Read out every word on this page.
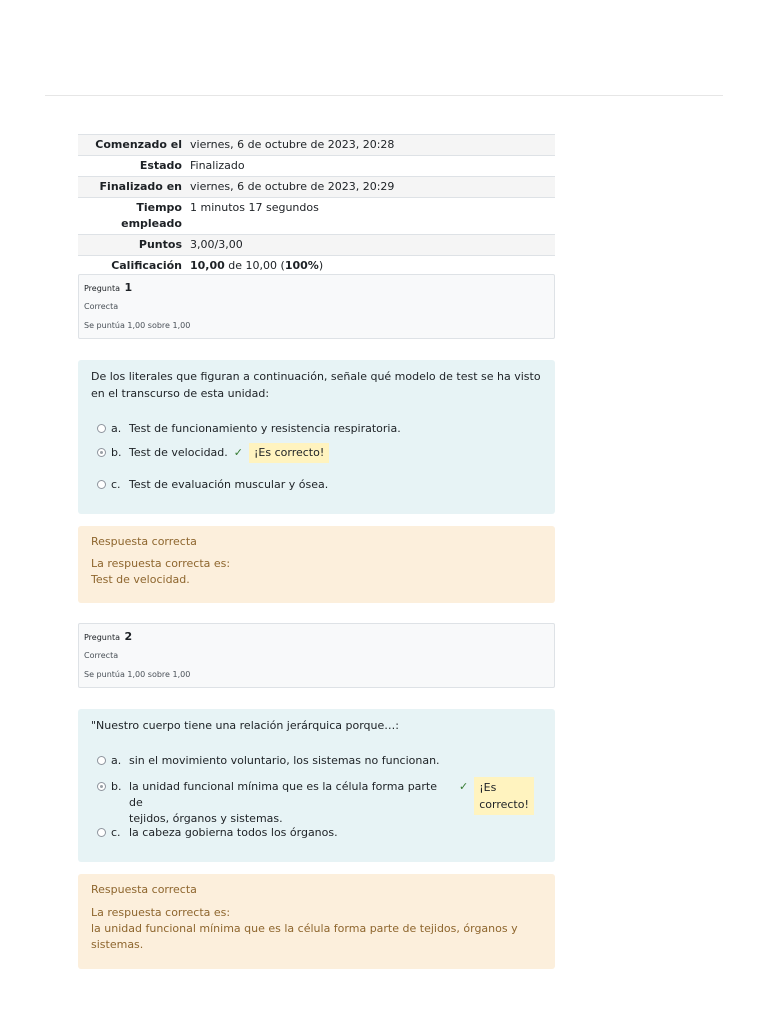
Comenzado el	viernes, 6 de octubre de 2023, 20:28
Estado	Finalizado
Finalizado en	viernes, 6 de octubre de 2023, 20:29
Tiempo empleado	1 minutos 17 segundos
Puntos	3,00/3,00
Calificación	10,00 de 10,00 (100%)
Pregunta 1
Correcta
Se puntúa 1,00 sobre 1,00
De los literales que figuran a continuación, señale qué modelo de test se ha visto en el transcurso de esta unidad:
a. Test de funcionamiento y resistencia respiratoria.
b. Test de velocidad. ✓	¡Es correcto!
c. Test de evaluación muscular y ósea.
Respuesta correcta
La respuesta correcta es:
Test de velocidad.
Pregunta 2
Correcta
Se puntúa 1,00 sobre 1,00
"Nuestro cuerpo tiene una relación jerárquica porque…:
a. sin el movimiento voluntario, los sistemas no funcionan.
b. la unidad funcional mínima que es la célula forma parte de
tejidos, órganos y sistemas.
✓	¡Es
correcto!
c. la cabeza gobierna todos los órganos.
Respuesta correcta
La respuesta correcta es:
la unidad funcional mínima que es la célula forma parte de tejidos, órganos y
sistemas.
